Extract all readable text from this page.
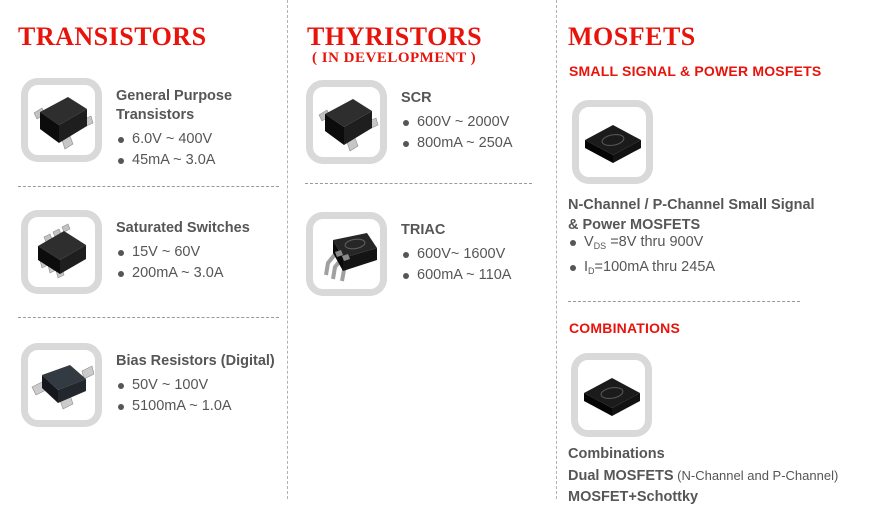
TRANSISTORS
General Purpose Transistors
6.0V ~ 400V
45mA ~ 3.0A
Saturated Switches
15V ~ 60V
200mA ~ 3.0A
Bias Resistors (Digital)
50V ~ 100V
5100mA ~ 1.0A
THYRISTORS
( IN DEVELOPMENT )
SCR
600V ~ 2000V
800mA ~ 250A
TRIAC
600V~ 1600V
600mA ~ 110A
MOSFETS
SMALL SIGNAL & POWER MOSFETS
N-Channel / P-Channel Small Signal
& Power MOSFETS
$V_{DS} =8V$ thru 900V
$I_D=100mA$ thru 245A
COMBINATIONS
Combinations
Dual MOSFETS (N-Channel and P-Channel)
MOSFET+Schottky
